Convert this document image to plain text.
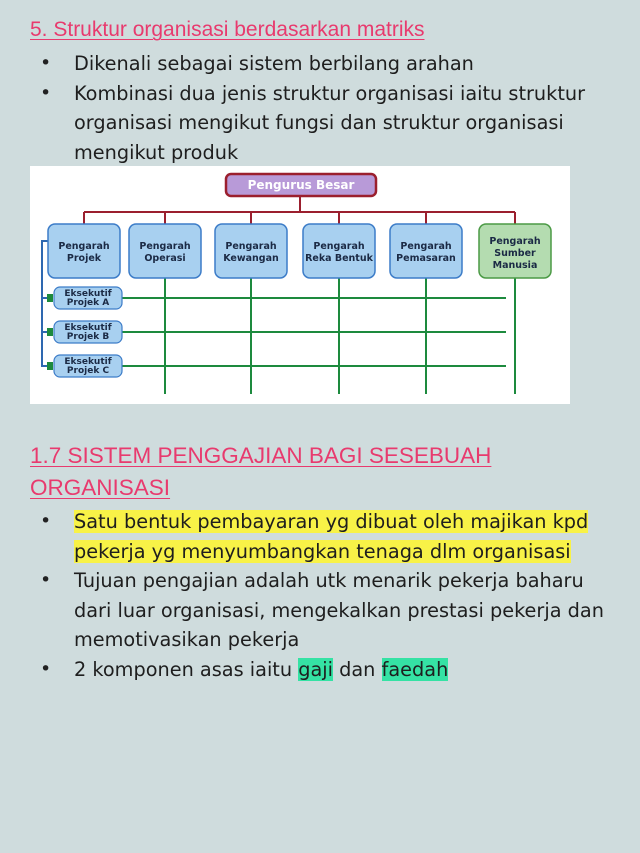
5. Struktur organisasi berdasarkan matriks
• Dikenali sebagai sistem berbilang arahan
• Kombinasi dua jenis struktur organisasi iaitu struktur organisasi mengikut fungsi dan struktur organisasi mengikut produk
Pengurus Besar
Pengarah
Projek
Pengarah
Operasi
Pengarah
Kewangan
Pengarah
Reka Bentuk
Pengarah
Pemasaran
Pengarah
Sumber
Manusia
Eksekutif
Projek A
Eksekutif
Projek B
Eksekutif
Projek C
1.7 SISTEM PENGGAJIAN BAGI SESEBUAH ORGANISASI
• Satu bentuk pembayaran yg dibuat oleh majikan kpd pekerja yg menyumbangkan tenaga dlm organisasi
• Tujuan pengajian adalah utk menarik pekerja baharu dari luar organisasi, mengekalkan prestasi pekerja dan memotivasikan pekerja
• 2 komponen asas iaitu gaji dan faedah
